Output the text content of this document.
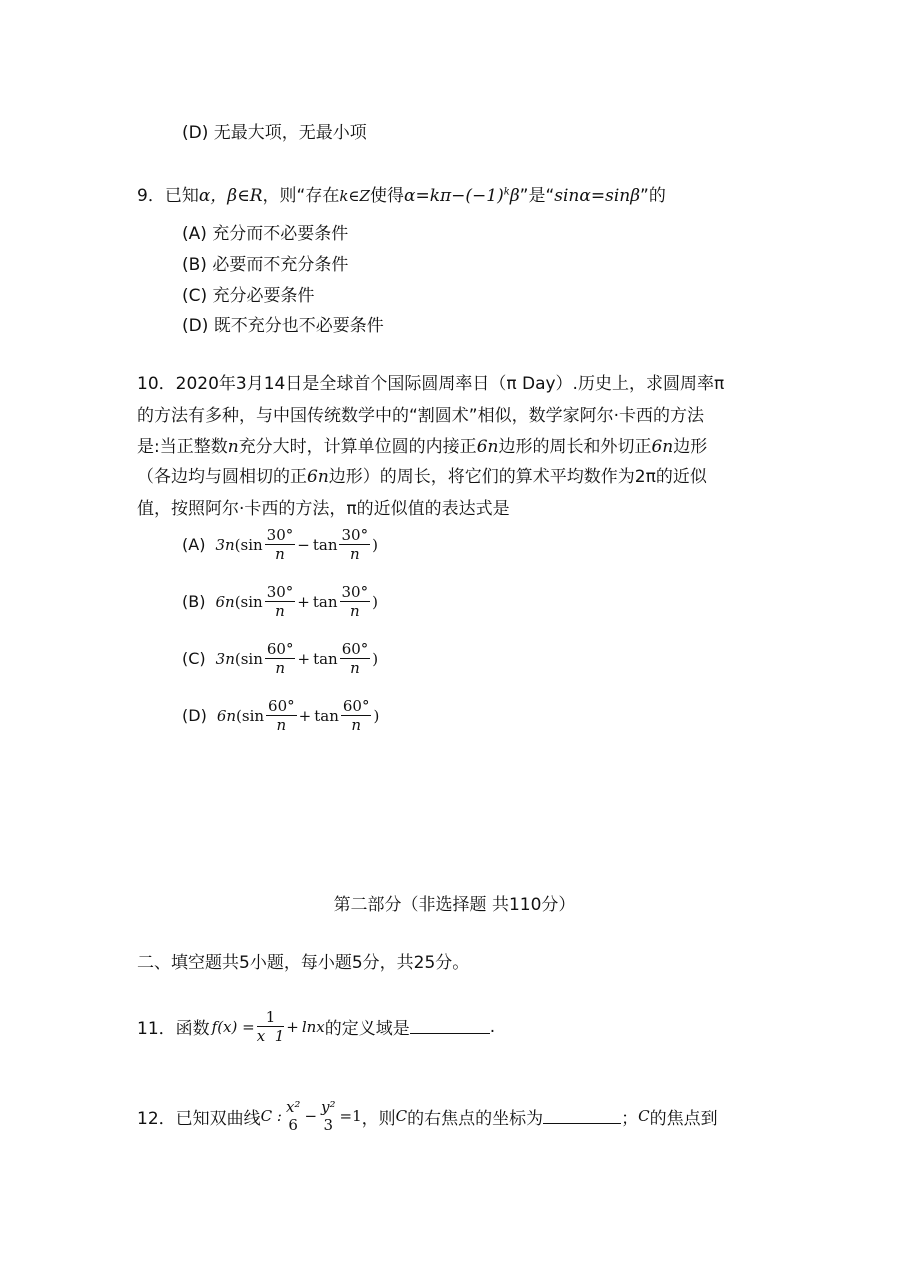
(D) 无最大项，无最小项
9．已知α，β∈R，则“存在k∈Z使得$\alpha=k\pi-(-1)^k\beta$”是“sinα=sinβ”的
(A) 充分而不必要条件
(B) 必要而不充分条件
(C) 充分必要条件
(D) 既不充分也不必要条件
10．2020年3月14日是全球首个国际圆周率日（π Day）.历史上，求圆周率π
的方法有多种，与中国传统数学中的“割圆术”相似，数学家阿尔·卡西的方法
是:当正整数n充分大时，计算单位圆的内接正6n边形的周长和外切正6n边形
（各边均与圆相切的正6n边形）的周长，将它们的算术平均数作为2π的近似
值，按照阿尔·卡西的方法，π的近似值的表达式是
(A) 3n ( $\sin \frac{30^\circ}{n} - \tan \frac{30^\circ}{n}$ )
(B) 6n ( $\sin \frac{30^\circ}{n} + \tan \frac{30^\circ}{n}$ )
(C) 3n ( $\sin \frac{60^\circ}{n} + \tan \frac{60^\circ}{n}$ )
(D) 6n ( $\sin \frac{60^\circ}{n} + \tan \frac{60^\circ}{n}$ )
第二部分（非选择题 共110分）
二、填空题共5小题，每小题5分，共25分。
11．函数 $f(x) = \frac{1}{x 1} + \ln x$ 的定义域是	.
12．已知双曲线 C : x²
6 − y²
3 =1 ，则 C 的右焦点的坐标为	； C 的焦点到
